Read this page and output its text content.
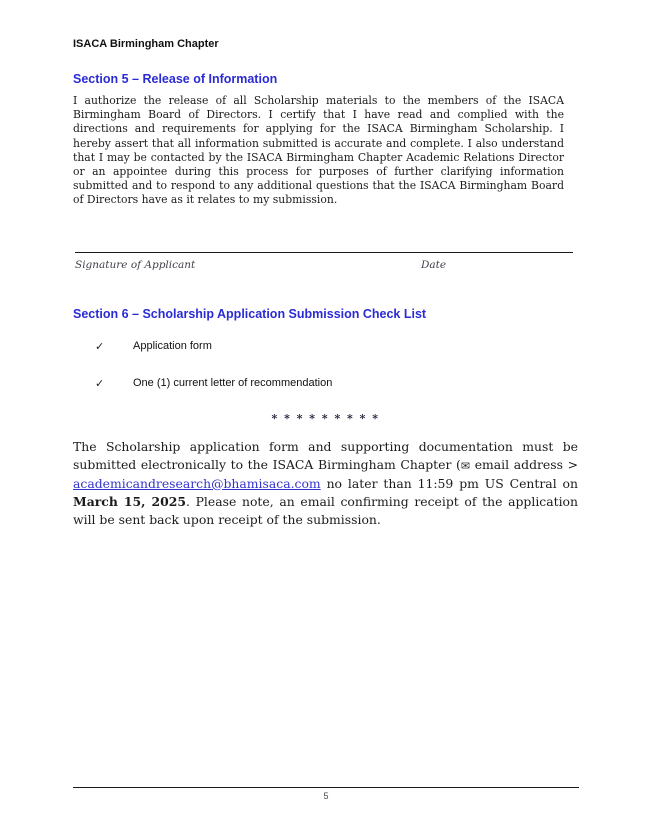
ISACA Birmingham Chapter
Section 5 – Release of Information
I authorize the release of all Scholarship materials to the members of the ISACA Birmingham Board of Directors. I certify that I have read and complied with the directions and requirements for applying for the ISACA Birmingham Scholarship. I hereby assert that all information submitted is accurate and complete. I also understand that I may be contacted by the ISACA Birmingham Chapter Academic Relations Director or an appointee during this process for purposes of further clarifying information submitted and to respond to any additional questions that the ISACA Birmingham Board of Directors have as it relates to my submission.
Signature of Applicant	Date
Section 6 – Scholarship Application Submission Check List
✓	Application form
✓	One (1) current letter of recommendation
* * * * * * * * *
The Scholarship application form and supporting documentation must be submitted electronically to the ISACA Birmingham Chapter (✉ email address > academicandresearch@bhamisaca.com no later than 11:59 pm US Central on March 15, 2025. Please note, an email confirming receipt of the application will be sent back upon receipt of the submission.
5
